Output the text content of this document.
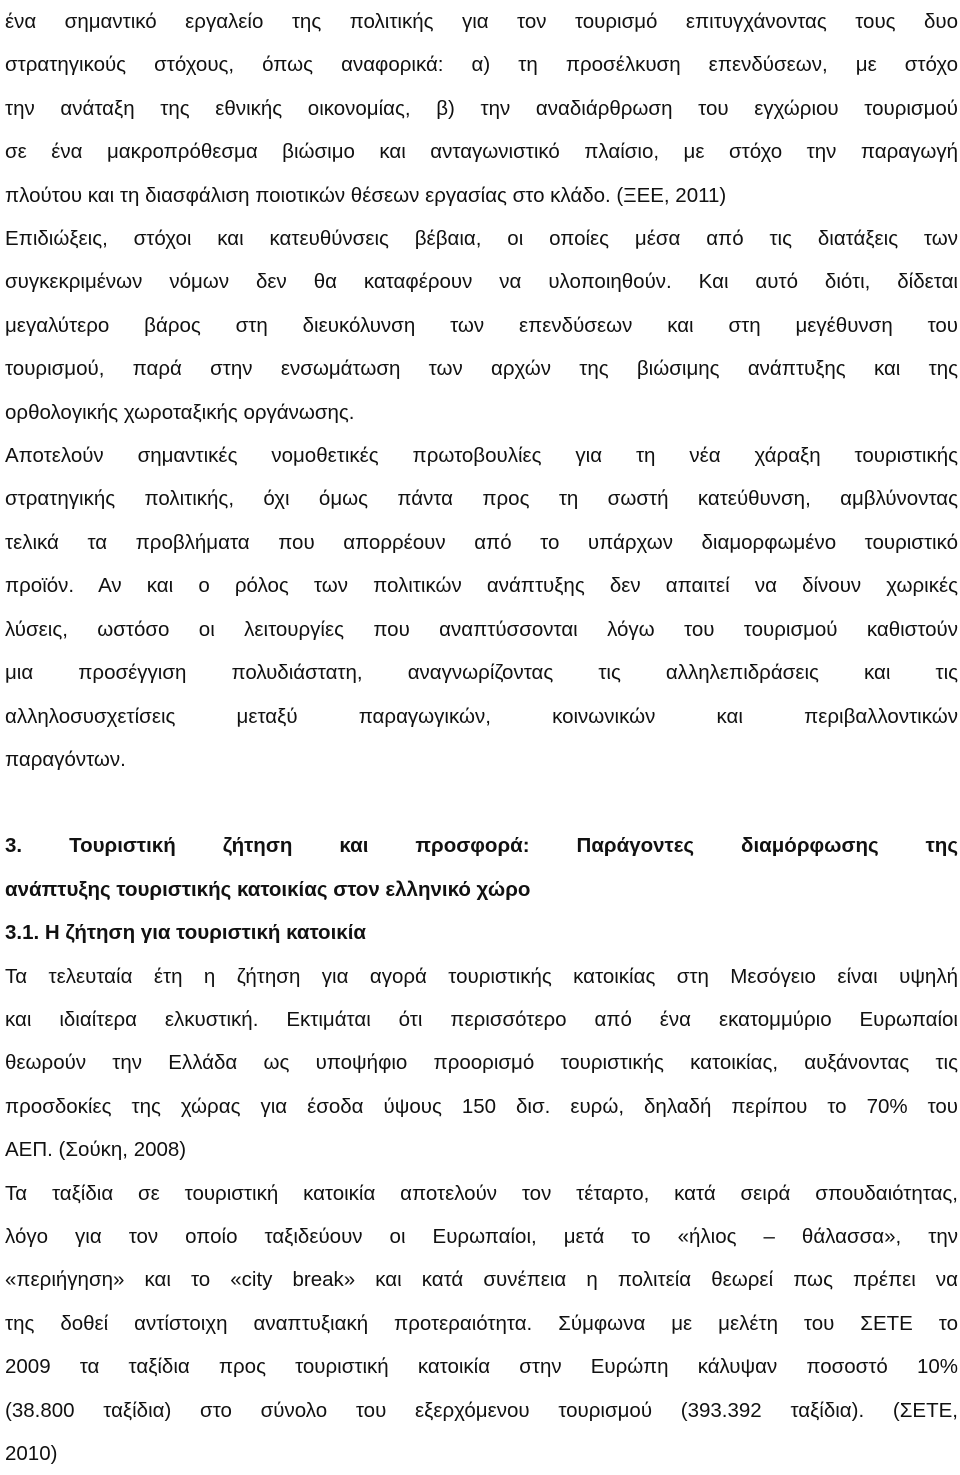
ένα σημαντικό εργαλείο της πολιτικής για τον τουρισμό επιτυγχάνοντας τους δυο
στρατηγικούς στόχους, όπως αναφορικά: α) τη προσέλκυση επενδύσεων, με στόχο
την ανάταξη της εθνικής οικονομίας, β) την αναδιάρθρωση του εγχώριου τουρισμού
σε ένα μακροπρόθεσμα βιώσιμο και ανταγωνιστικό πλαίσιο, με στόχο την παραγωγή
πλούτου και τη διασφάλιση ποιοτικών θέσεων εργασίας στο κλάδο. (ΞΕΕ, 2011)
Επιδιώξεις, στόχοι και κατευθύνσεις βέβαια, οι οποίες μέσα από τις διατάξεις των
συγκεκριμένων νόμων δεν θα καταφέρουν να υλοποιηθούν. Και αυτό διότι, δίδεται
μεγαλύτερο βάρος στη διευκόλυνση των επενδύσεων και στη μεγέθυνση του
τουρισμού, παρά στην ενσωμάτωση των αρχών της βιώσιμης ανάπτυξης και της
ορθολογικής χωροταξικής οργάνωσης.

Αποτελούν σημαντικές νομοθετικές πρωτοβουλίες για τη νέα χάραξη τουριστικής
στρατηγικής πολιτικής, όχι όμως πάντα προς τη σωστή κατεύθυνση, αμβλύνοντας
τελικά τα προβλήματα που απορρέουν από το υπάρχων διαμορφωμένο τουριστικό
προϊόν. Αν και ο ρόλος των πολιτικών ανάπτυξης δεν απαιτεί να δίνουν χωρικές
λύσεις, ωστόσο οι λειτουργίες που αναπτύσσονται λόγω του τουρισμού καθιστούν
μια προσέγγιση πολυδιάστατη, αναγνωρίζοντας τις αλληλεπιδράσεις και τις
αλληλοσυσχετίσεις μεταξύ παραγωγικών, κοινωνικών και περιβαλλοντικών
παραγόντων.

3. Τουριστική ζήτηση και προσφορά: Παράγοντες διαμόρφωσης της
ανάπτυξης τουριστικής κατοικίας στον ελληνικό χώρο
3.1. Η ζήτηση για τουριστική κατοικία

Τα τελευταία έτη η ζήτηση για αγορά τουριστικής κατοικίας στη Μεσόγειο είναι υψηλή
και ιδιαίτερα ελκυστική. Εκτιμάται ότι περισσότερο από ένα εκατομμύριο Ευρωπαίοι
θεωρούν την Ελλάδα ως υποψήφιο προορισμό τουριστικής κατοικίας, αυξάνοντας τις
προσδοκίες της χώρας για έσοδα ύψους 150 δισ. ευρώ, δηλαδή περίπου το 70% του
ΑΕΠ. (Σούκη, 2008)

Τα ταξίδια σε τουριστική κατοικία αποτελούν τον τέταρτο, κατά σειρά σπουδαιότητας,
λόγο για τον οποίο ταξιδεύουν οι Ευρωπαίοι, μετά το «ήλιος – θάλασσα», την
«περιήγηση» και το «city break» και κατά συνέπεια η πολιτεία θεωρεί πως πρέπει να
της δοθεί αντίστοιχη αναπτυξιακή προτεραιότητα. Σύμφωνα με μελέτη του ΣΕΤΕ το
2009 τα ταξίδια προς τουριστική κατοικία στην Ευρώπη κάλυψαν ποσοστό 10%
(38.800 ταξίδια) στο σύνολο του εξερχόμενου τουρισμού (393.392 ταξίδια). (ΣΕΤΕ,
2010)
